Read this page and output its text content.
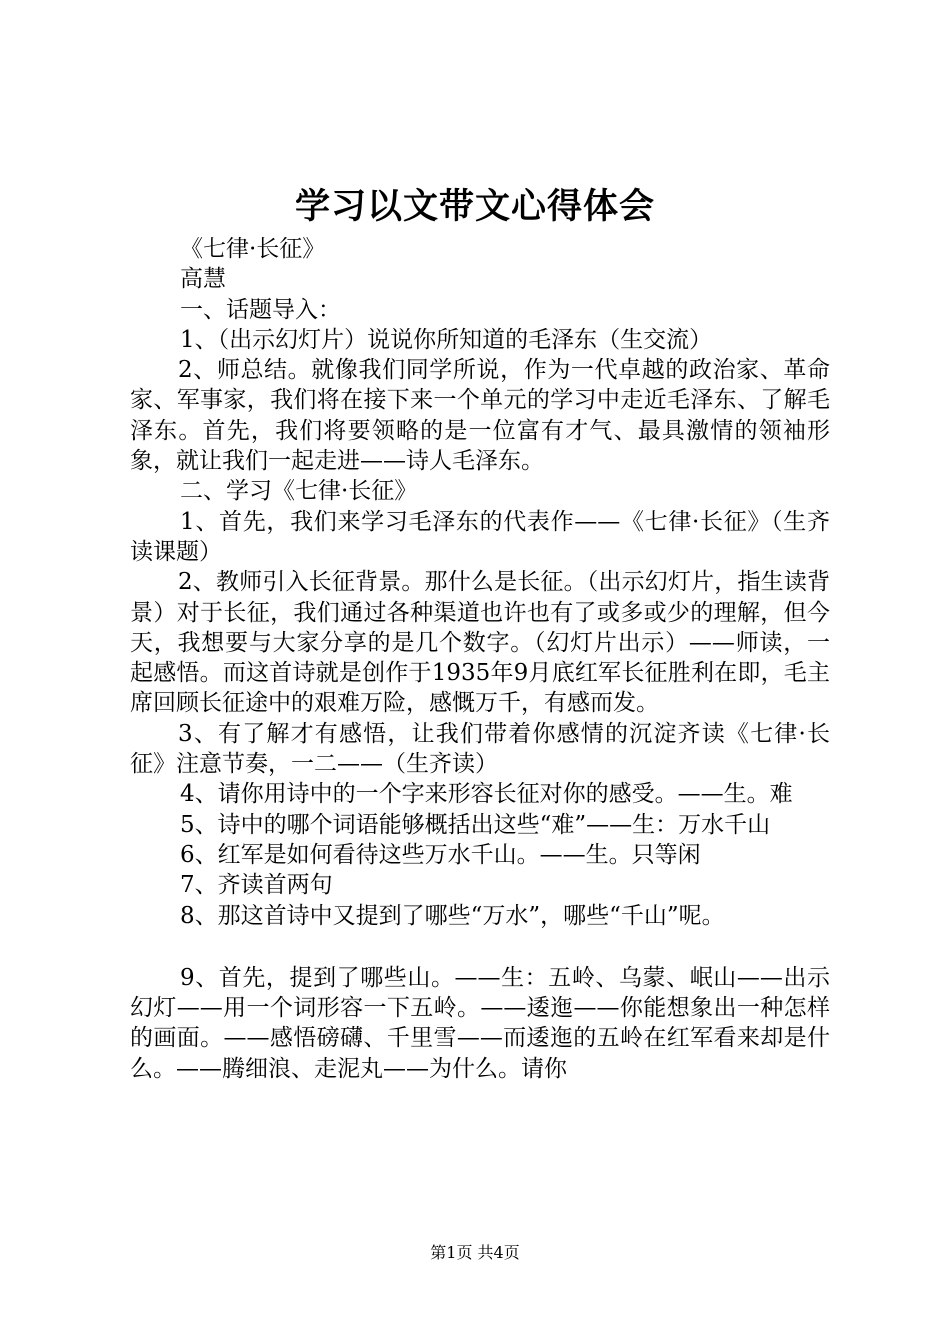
学习以文带文心得体会

《七律·长征》

高慧

一、话题导入：

1、（出示幻灯片）说说你所知道的毛泽东（生交流）

2、师总结。就像我们同学所说，作为一代卓越的政治家、革命家、军事家，我们将在接下来一个单元的学习中走近毛泽东、了解毛泽东。首先，我们将要领略的是一位富有才气、最具激情的领袖形象，就让我们一起走进——诗人毛泽东。

二、学习《七律·长征》

1、首先，我们来学习毛泽东的代表作——《七律·长征》（生齐读课题）

2、教师引入长征背景。那什么是长征。（出示幻灯片，指生读背景）对于长征，我们通过各种渠道也许也有了或多或少的理解，但今天，我想要与大家分享的是几个数字。（幻灯片出示）——师读，一起感悟。而这首诗就是创作于1935年9月底红军长征胜利在即，毛主席回顾长征途中的艰难万险，感慨万千，有感而发。

3、有了解才有感悟，让我们带着你感情的沉淀齐读《七律·长征》注意节奏，一二——（生齐读）

4、请你用诗中的一个字来形容长征对你的感受。——生。难

5、诗中的哪个词语能够概括出这些“难”——生：万水千山

6、红军是如何看待这些万水千山。——生。只等闲

7、齐读首两句

8、那这首诗中又提到了哪些“万水”，哪些“千山”呢。

9、首先，提到了哪些山。——生：五岭、乌蒙、岷山——出示幻灯——用一个词形容一下五岭。——逶迤——你能想象出一种怎样的画面。——感悟磅礴、千里雪——而逶迤的五岭在红军看来却是什么。——腾细浪、走泥丸——为什么。请你

第1页 共4页
